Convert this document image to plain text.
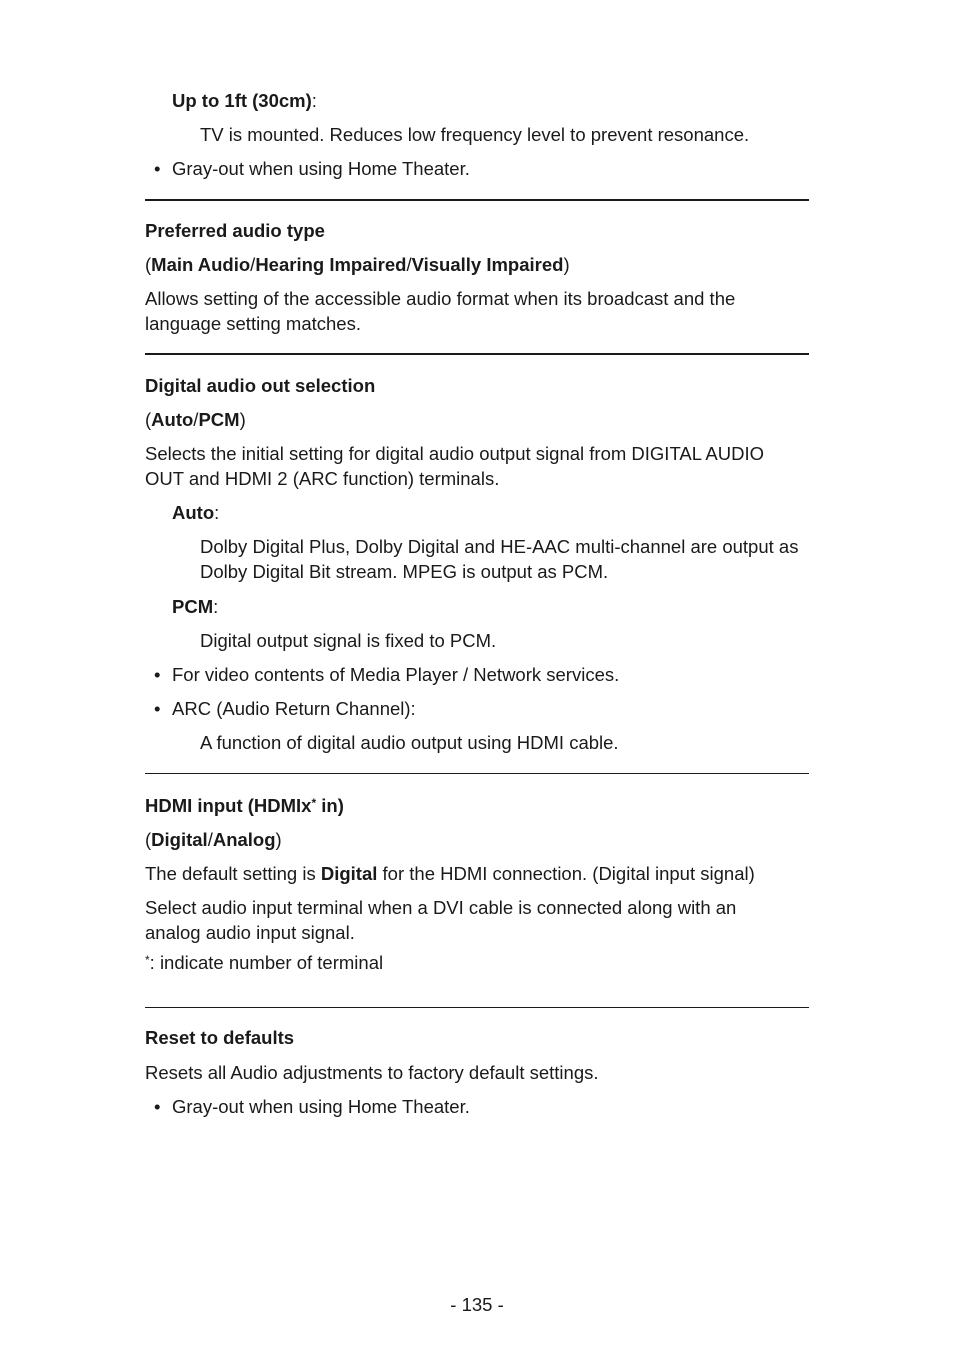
Up to 1ft (30cm):
TV is mounted. Reduces low frequency level to prevent resonance.
• Gray-out when using Home Theater.
Preferred audio type
(Main Audio/Hearing Impaired/Visually Impaired)
Allows setting of the accessible audio format when its broadcast and the language setting matches.
Digital audio out selection
(Auto/PCM)
Selects the initial setting for digital audio output signal from DIGITAL AUDIO OUT and HDMI 2 (ARC function) terminals.
Auto:
Dolby Digital Plus, Dolby Digital and HE-AAC multi-channel are output as Dolby Digital Bit stream. MPEG is output as PCM.
PCM:
Digital output signal is fixed to PCM.
• For video contents of Media Player / Network services.
• ARC (Audio Return Channel):
A function of digital audio output using HDMI cable.
HDMI input (HDMIx* in)
(Digital/Analog)
The default setting is Digital for the HDMI connection. (Digital input signal)
Select audio input terminal when a DVI cable is connected along with an analog audio input signal.
*: indicate number of terminal
Reset to defaults
Resets all Audio adjustments to factory default settings.
• Gray-out when using Home Theater.
- 135 -
